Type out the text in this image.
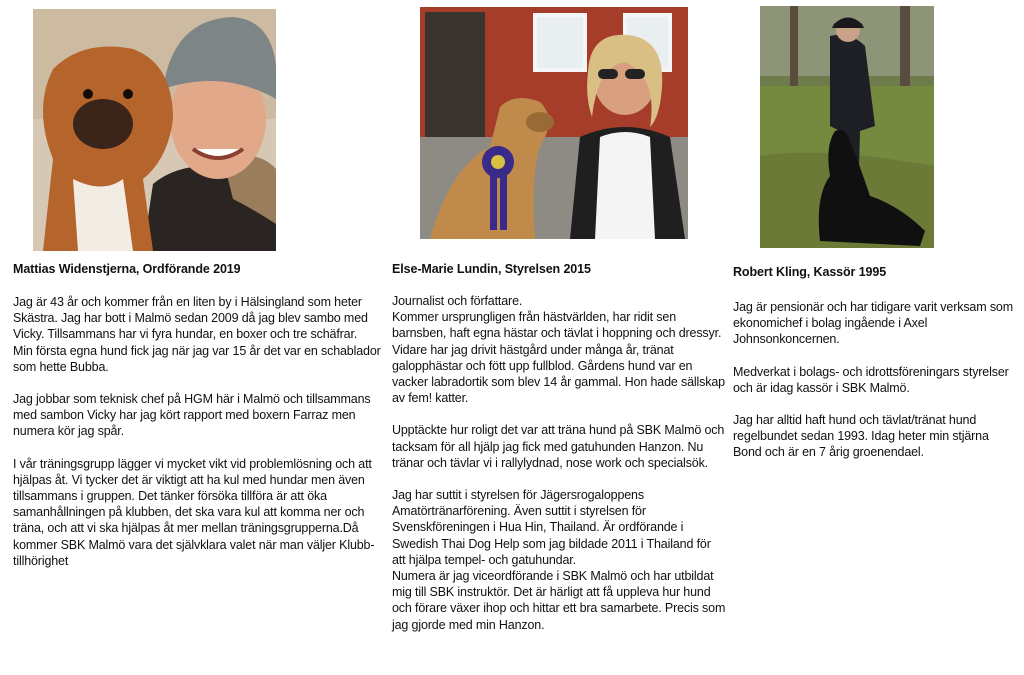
Mattias Widenstjerna, Ordförande 2019

Jag är 43 år och kommer från en liten by i Hälsingland som heter
Skästra. Jag har bott i Malmö sedan 2009 då jag blev sambo med
Vicky. Tillsammans har vi fyra hundar, en boxer och tre schäfrar.
Min första egna hund fick jag när jag var 15 år det var en schablador
som hette Bubba.

Jag jobbar som teknisk chef på HGM här i Malmö och tillsammans
med sambon Vicky har jag kört rapport med boxern Farraz men
numera kör jag spår.

I vår träningsgrupp lägger vi mycket vikt vid problemlösning och att
hjälpas åt. Vi tycker det är viktigt att ha kul med hundar men även
tillsammans i gruppen. Det tänker försöka tillföra är att öka
samanhållningen på klubben, det ska vara kul att komma ner och
träna, och att vi ska hjälpas åt mer mellan träningsgrupperna.Då
kommer SBK Malmö vara det självklara valet när man väljer Klubb-
tillhörighet

Else-Marie Lundin, Styrelsen 2015

Journalist och författare.
Kommer ursprungligen från hästvärlden, har ridit sen
barnsben, haft egna hästar och tävlat i hoppning och dressyr.
Vidare har jag drivit hästgård under många år, tränat
galopphästar och fött upp fullblod. Gårdens hund var en
vacker labradortik som blev 14 år gammal. Hon hade sällskap
av fem! katter.

Upptäckte hur roligt det var att träna hund på SBK Malmö och
tacksam för all hjälp jag fick med gatuhunden Hanzon. Nu
tränar och tävlar vi i rallylydnad, nose work och specialsök.

Jag har suttit i styrelsen för Jägersrogaloppens
Amatörtränarförening. Även suttit i styrelsen för
Svenskföreningen i Hua Hin, Thailand. Är ordförande i
Swedish Thai Dog Help som jag bildade 2011 i Thailand för
att hjälpa tempel- och gatuhundar.
Numera är jag viceordförande i SBK Malmö och har utbildat
mig till SBK instruktör. Det är härligt att få uppleva hur hund
och förare växer ihop och hittar ett bra samarbete. Precis som
jag gjorde med min Hanzon.

Robert Kling, Kassör 1995

Jag är pensionär och har tidigare varit verksam som
ekonomichef i bolag ingående i Axel
Johnsonkoncernen.

Medverkat i bolags- och idrottsföreningars styrelser
och är idag kassör i SBK Malmö.

Jag har alltid haft hund och tävlat/tränat hund
regelbundet sedan 1993. Idag heter min stjärna
Bond och är en 7 årig groenendael.
